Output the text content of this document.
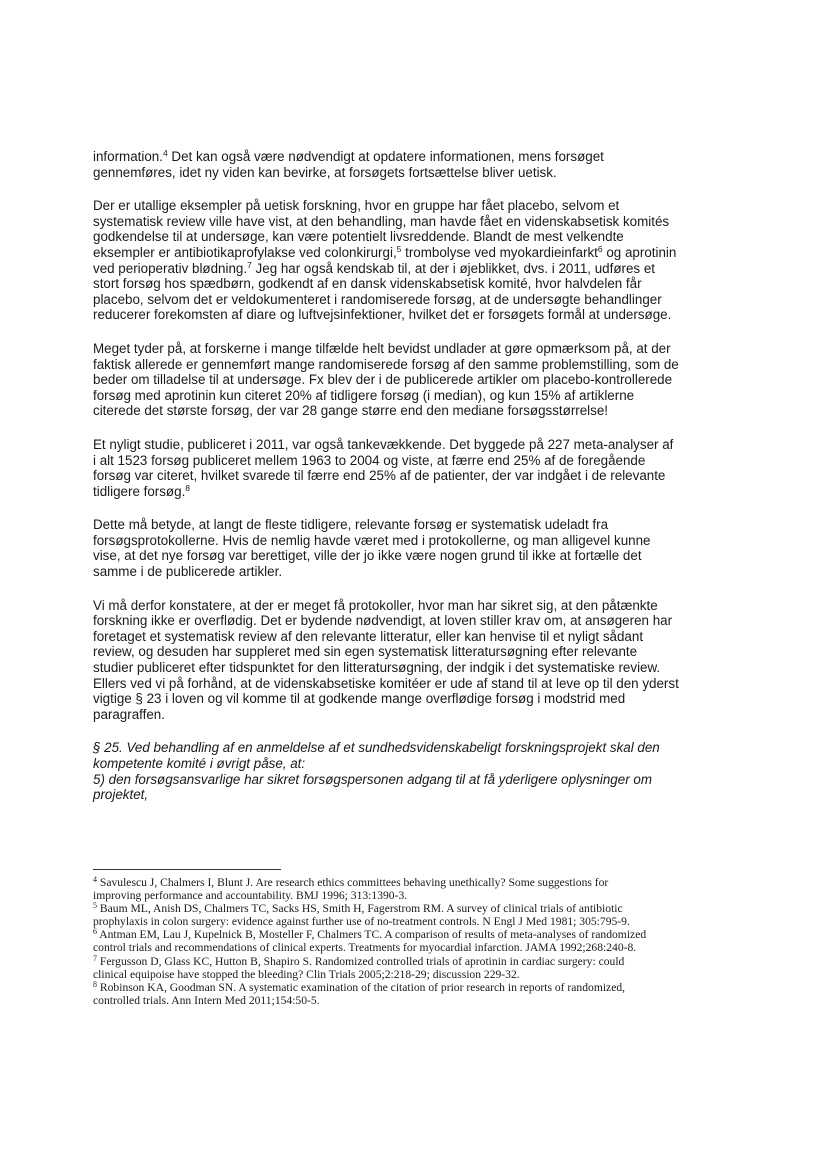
information.$^4$ Det kan også være nødvendigt at opdatere informationen, mens forsøget
gennemføres, idet ny viden kan bevirke, at forsøgets fortsættelse bliver uetisk.
Der er utallige eksempler på uetisk forskning, hvor en gruppe har fået placebo, selvom et
systematisk review ville have vist, at den behandling, man havde fået en videnskabsetisk komités
godkendelse til at undersøge, kan være potentielt livsreddende. Blandt de mest velkendte
eksempler er antibiotikaprofylakse ved colonkirurgi,$^5$ trombolyse ved myokardieinfarkt$^6$ og aprotinin
ved perioperativ blødning.$^7$ Jeg har også kendskab til, at der i øjeblikket, dvs. i 2011, udføres et
stort forsøg hos spædbørn, godkendt af en dansk videnskabsetisk komité, hvor halvdelen får
placebo, selvom det er veldokumenteret i randomiserede forsøg, at de undersøgte behandlinger
reducerer forekomsten af diare og luftvejsinfektioner, hvilket det er forsøgets formål at undersøge.
Meget tyder på, at forskerne i mange tilfælde helt bevidst undlader at gøre opmærksom på, at der
faktisk allerede er gennemført mange randomiserede forsøg af den samme problemstilling, som de
beder om tilladelse til at undersøge. Fx blev der i de publicerede artikler om placebo-kontrollerede
forsøg med aprotinin kun citeret 20% af tidligere forsøg (i median), og kun 15% af artiklerne
citerede det største forsøg, der var 28 gange større end den mediane forsøgsstørrelse!
Et nyligt studie, publiceret i 2011, var også tankevækkende. Det byggede på 227 meta-analyser af
i alt 1523 forsøg publiceret mellem 1963 to 2004 og viste, at færre end 25% af de foregående
forsøg var citeret, hvilket svarede til færre end 25% af de patienter, der var indgået i de relevante
tidligere forsøg.$^8$
Dette må betyde, at langt de fleste tidligere, relevante forsøg er systematisk udeladt fra
forsøgsprotokollerne. Hvis de nemlig havde været med i protokollerne, og man alligevel kunne
vise, at det nye forsøg var berettiget, ville der jo ikke være nogen grund til ikke at fortælle det
samme i de publicerede artikler.
Vi må derfor konstatere, at der er meget få protokoller, hvor man har sikret sig, at den påtænkte
forskning ikke er overflødig. Det er bydende nødvendigt, at loven stiller krav om, at ansøgeren har
foretaget et systematisk review af den relevante litteratur, eller kan henvise til et nyligt sådant
review, og desuden har suppleret med sin egen systematisk litteratursøgning efter relevante
studier publiceret efter tidspunktet for den litteratursøgning, der indgik i det systematiske review.
Ellers ved vi på forhånd, at de videnskabsetiske komitéer er ude af stand til at leve op til den yderst
vigtige § 23 i loven og vil komme til at godkende mange overflødige forsøg i modstrid med
paragraffen.
§ 25. Ved behandling af en anmeldelse af et sundhedsvidenskabeligt forskningsprojekt skal den
kompetente komité i øvrigt påse, at:
5) den forsøgsansvarlige har sikret forsøgspersonen adgang til at få yderligere oplysninger om
projektet,
$^4$ Savulescu J, Chalmers I, Blunt J. Are research ethics committees behaving unethically? Some suggestions for
improving performance and accountability. BMJ 1996; 313:1390-3.
$^5$ Baum ML, Anish DS, Chalmers TC, Sacks HS, Smith H, Fagerstrom RM. A survey of clinical trials of antibiotic
prophylaxis in colon surgery: evidence against further use of no-treatment controls. N Engl J Med 1981; 305:795-9.
$^6$ Antman EM, Lau J, Kupelnick B, Mosteller F, Chalmers TC. A comparison of results of meta-analyses of randomized
control trials and recommendations of clinical experts. Treatments for myocardial infarction. JAMA 1992;268:240-8.
$^7$ Fergusson D, Glass KC, Hutton B, Shapiro S. Randomized controlled trials of aprotinin in cardiac surgery: could
clinical equipoise have stopped the bleeding? Clin Trials 2005;2:218-29; discussion 229-32.
$^8$ Robinson KA, Goodman SN. A systematic examination of the citation of prior research in reports of randomized,
controlled trials. Ann Intern Med 2011;154:50-5.
